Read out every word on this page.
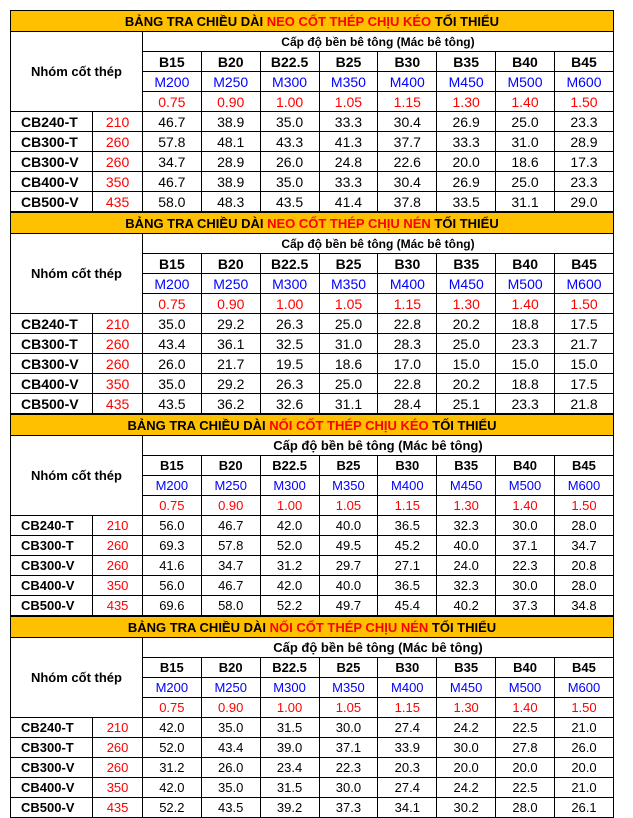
BẢNG TRA CHIỀU DÀI NEO CỐT THÉP CHỊU KÉO TỐI THIỂU									
Nhóm cốt thép		Cấp độ bền bê tông (Mác bê tông)							
		B15	B20	B22.5	B25	B30	B35	B40	B45
		M200	M250	M300	M350	M400	M450	M500	M600
		0.75	0.90	1.00	1.05	1.15	1.30	1.40	1.50
CB240-T	210	46.7	38.9	35.0	33.3	30.4	26.9	25.0	23.3
CB300-T	260	57.8	48.1	43.3	41.3	37.7	33.3	31.0	28.9
CB300-V	260	34.7	28.9	26.0	24.8	22.6	20.0	18.6	17.3
CB400-V	350	46.7	38.9	35.0	33.3	30.4	26.9	25.0	23.3
CB500-V	435	58.0	48.3	43.5	41.4	37.8	33.5	31.1	29.0
BẢNG TRA CHIỀU DÀI NEO CỐT THÉP CHỊU NÉN TỐI THIỂU									
Nhóm cốt thép		Cấp độ bền bê tông (Mác bê tông)							
		B15	B20	B22.5	B25	B30	B35	B40	B45
		M200	M250	M300	M350	M400	M450	M500	M600
		0.75	0.90	1.00	1.05	1.15	1.30	1.40	1.50
CB240-T	210	35.0	29.2	26.3	25.0	22.8	20.2	18.8	17.5
CB300-T	260	43.4	36.1	32.5	31.0	28.3	25.0	23.3	21.7
CB300-V	260	26.0	21.7	19.5	18.6	17.0	15.0	15.0	15.0
CB400-V	350	35.0	29.2	26.3	25.0	22.8	20.2	18.8	17.5
CB500-V	435	43.5	36.2	32.6	31.1	28.4	25.1	23.3	21.8
BẢNG TRA CHIỀU DÀI NỐI CỐT THÉP CHỊU KÉO TỐI THIỂU									
Nhóm cốt thép		Cấp độ bền bê tông (Mác bê tông)							
		B15	B20	B22.5	B25	B30	B35	B40	B45
		M200	M250	M300	M350	M400	M450	M500	M600
		0.75	0.90	1.00	1.05	1.15	1.30	1.40	1.50
CB240-T	210	56.0	46.7	42.0	40.0	36.5	32.3	30.0	28.0
CB300-T	260	69.3	57.8	52.0	49.5	45.2	40.0	37.1	34.7
CB300-V	260	41.6	34.7	31.2	29.7	27.1	24.0	22.3	20.8
CB400-V	350	56.0	46.7	42.0	40.0	36.5	32.3	30.0	28.0
CB500-V	435	69.6	58.0	52.2	49.7	45.4	40.2	37.3	34.8
BẢNG TRA CHIỀU DÀI NỐI CỐT THÉP CHỊU NÉN TỐI THIỂU									
Nhóm cốt thép		Cấp độ bền bê tông (Mác bê tông)							
		B15	B20	B22.5	B25	B30	B35	B40	B45
		M200	M250	M300	M350	M400	M450	M500	M600
		0.75	0.90	1.00	1.05	1.15	1.30	1.40	1.50
CB240-T	210	42.0	35.0	31.5	30.0	27.4	24.2	22.5	21.0
CB300-T	260	52.0	43.4	39.0	37.1	33.9	30.0	27.8	26.0
CB300-V	260	31.2	26.0	23.4	22.3	20.3	20.0	20.0	20.0
CB400-V	350	42.0	35.0	31.5	30.0	27.4	24.2	22.5	21.0
CB500-V	435	52.2	43.5	39.2	37.3	34.1	30.2	28.0	26.1
